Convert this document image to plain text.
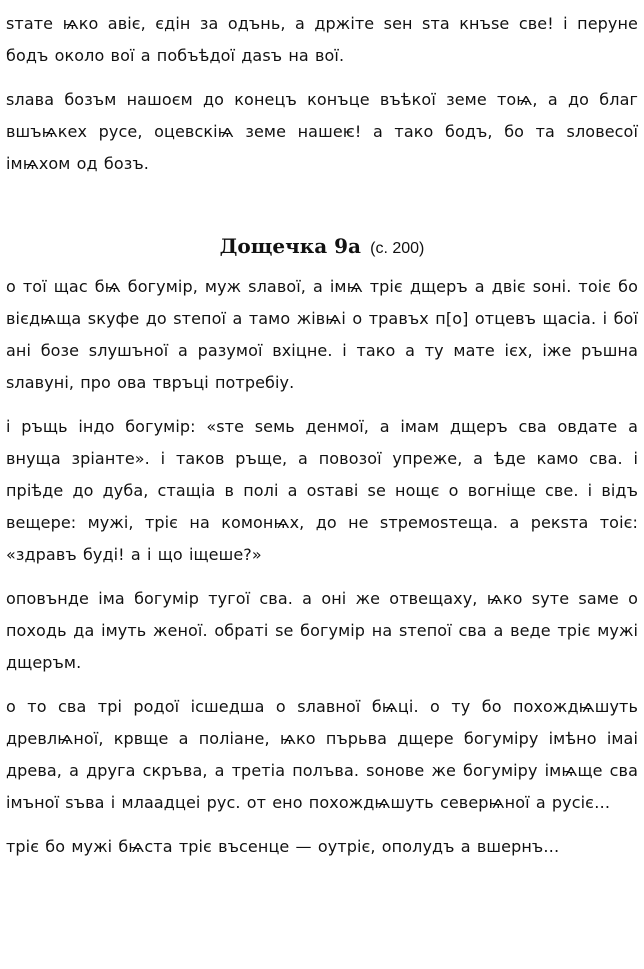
ѕтате ѩко авіє, єдін за одънь, а држіте ѕен ѕта кнъѕе све! і перуне бодъ около вої а побъѣдої даѕъ на вої.

ѕлава бозъм нашоєм до конецъ конъце въѣкої земе тоѩ, а до благ вшъѩкех русе, оцевскіѩ земе нашеѥ! а тако бодъ, бо та ѕловесої імѩхом од бозъ.

Дощечка 9а (с. 200)

о тої щас бѩ богумір, муж ѕлавої, а імѩ тріє дщеръ а двіє ѕоні. тоіє бо вієдѩща ѕкуфе до ѕтепої а тамо жівѩі о травъх п[о] отцевъ щасіа. і бої ані бозе ѕлушъної а разумої вхіцне. і тако а ту мате ієх, іже ръшна ѕлавуні, про ова твръці потребіу.

і ръщь індо богумір: «ѕте ѕемь денмої, а імам дщеръ сва овдате а внуща зріанте». і таков ръще, а повозої упреже, а ѣде камо сва. і пріѣде до дуба, стащіа в полі а оѕтаві ѕе нощє о вогніще све. і відъ вещере: мужі, тріє на комонѩх, до не ѕтремоѕтеща. а рекѕта тоіє: «здравъ буді! а і що іщеше?»

оповънде іма богумір тугої сва. а оні же отвещаху, ѩко ѕуте ѕаме о походь да імуть женої. обраті ѕе богумір на ѕтепої сва а веде тріє мужі дщеръм.

о то сва трі родої ісшедша о ѕлавної бѩці. о ту бо похождѩшуть древлѩної, крвще а поліане, ѩко пърьва дщере богуміру імѣно імаі древа, а друга скръва, а третіа полъва. ѕонове же богуміру імѩще сва імъної ѕъва і млаадцеі рус. от ено похождѩшуть северѩної а русіє…

тріє бо мужі бѩста тріє въсенце — оутріє, ополудъ а вшернъ…
